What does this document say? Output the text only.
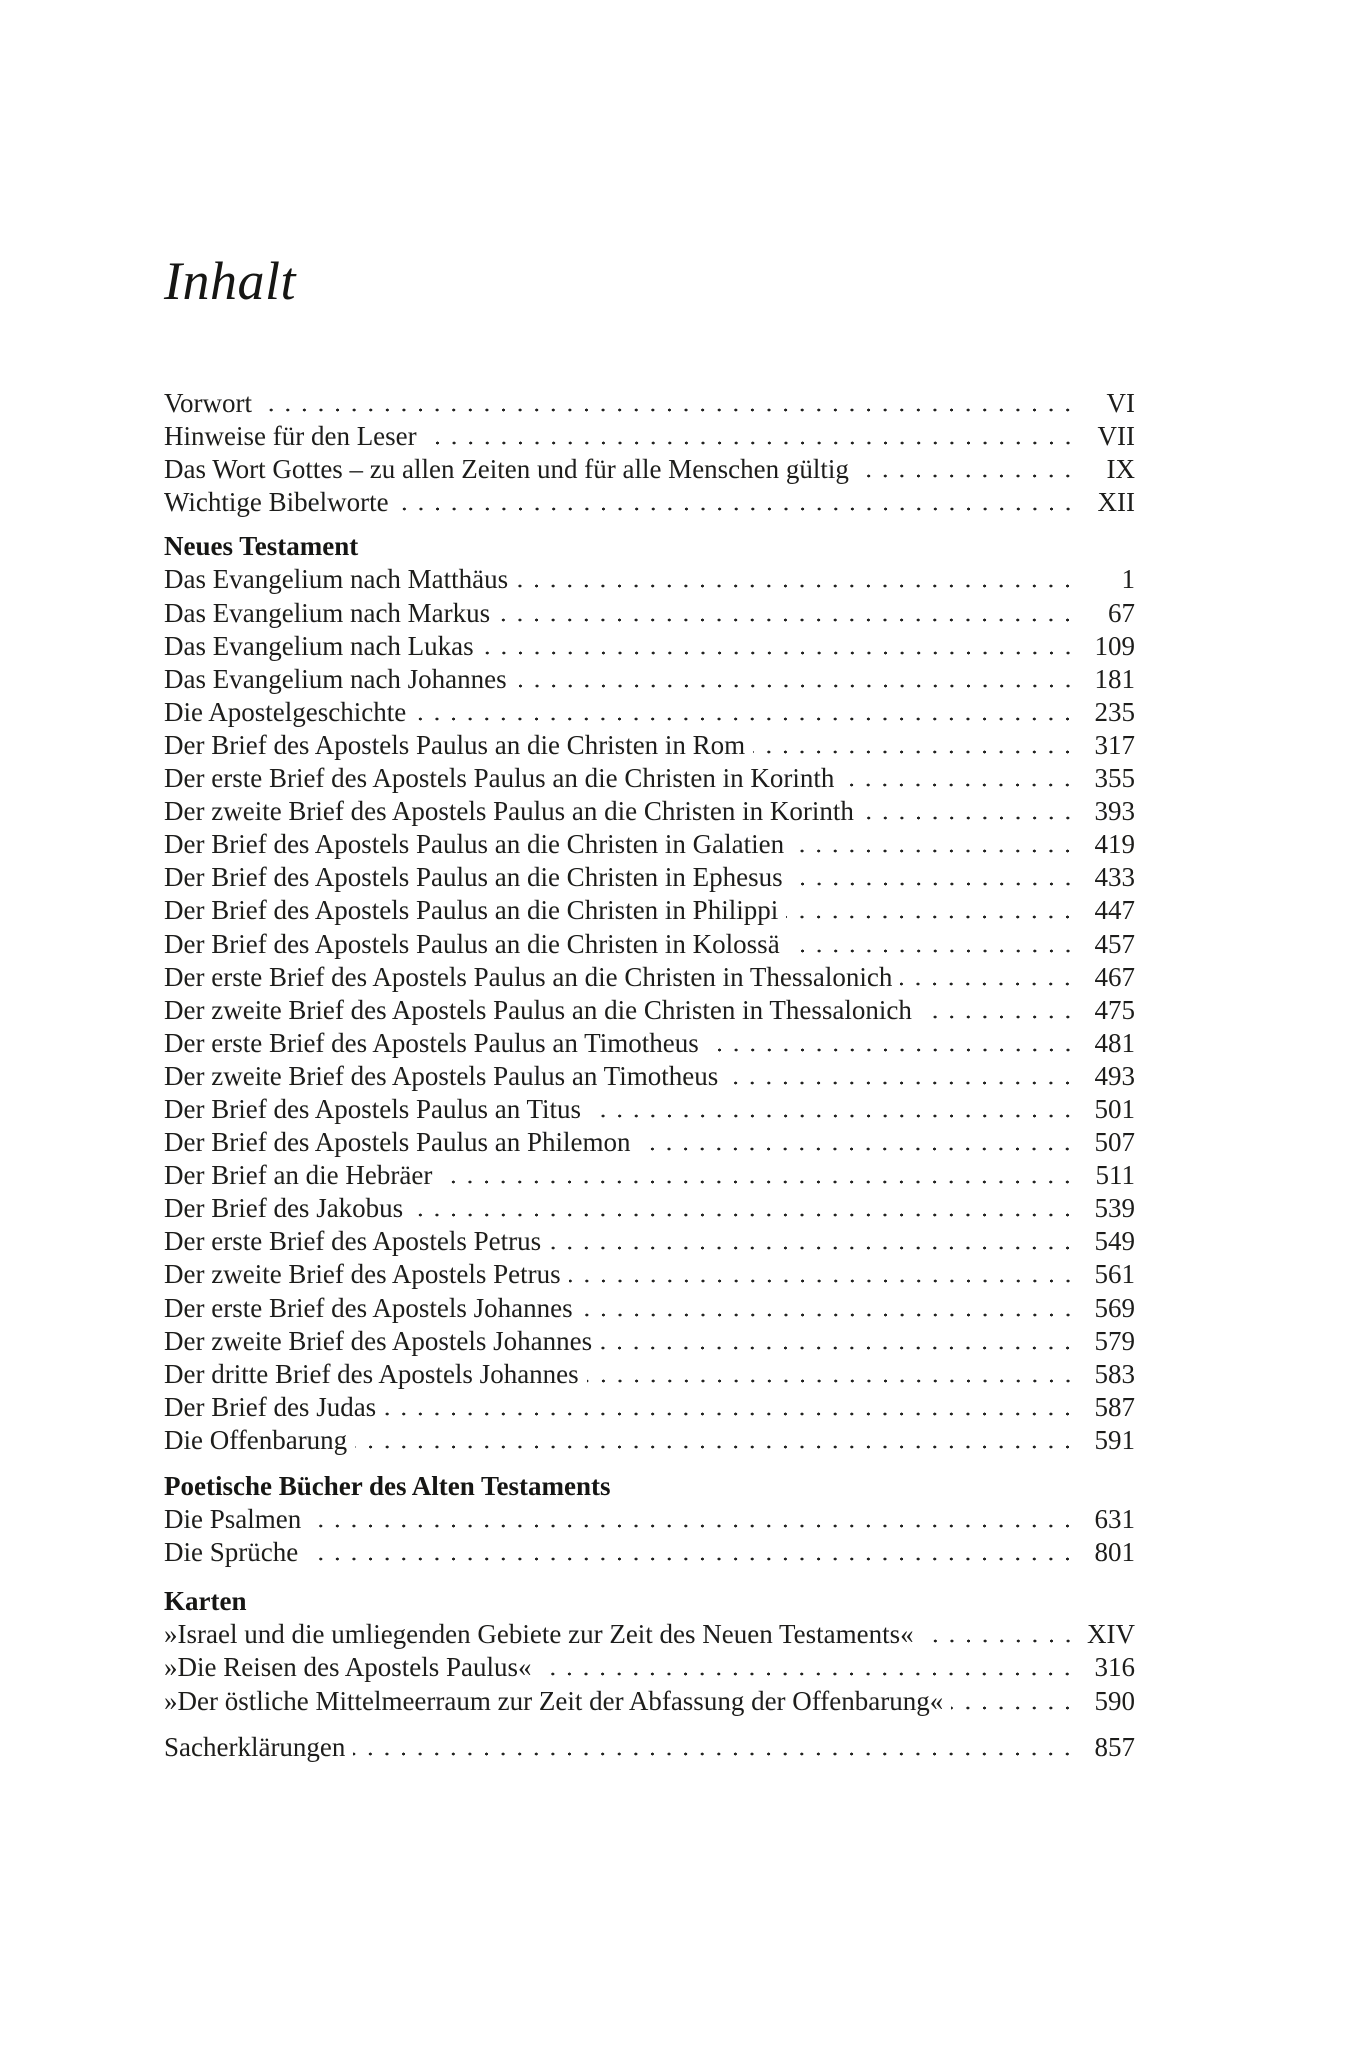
Inhalt
Vorwort	VI
Hinweise für den Leser	VII
Das Wort Gottes – zu allen Zeiten und für alle Menschen gültig	IX
Wichtige Bibelworte	XII
Neues Testament
Das Evangelium nach Matthäus	1
Das Evangelium nach Markus	67
Das Evangelium nach Lukas	109
Das Evangelium nach Johannes	181
Die Apostelgeschichte	235
Der Brief des Apostels Paulus an die Christen in Rom	317
Der erste Brief des Apostels Paulus an die Christen in Korinth	355
Der zweite Brief des Apostels Paulus an die Christen in Korinth	393
Der Brief des Apostels Paulus an die Christen in Galatien	419
Der Brief des Apostels Paulus an die Christen in Ephesus	433
Der Brief des Apostels Paulus an die Christen in Philippi	447
Der Brief des Apostels Paulus an die Christen in Kolossä	457
Der erste Brief des Apostels Paulus an die Christen in Thessalonich	467
Der zweite Brief des Apostels Paulus an die Christen in Thessalonich	475
Der erste Brief des Apostels Paulus an Timotheus	481
Der zweite Brief des Apostels Paulus an Timotheus	493
Der Brief des Apostels Paulus an Titus	501
Der Brief des Apostels Paulus an Philemon	507
Der Brief an die Hebräer	511
Der Brief des Jakobus	539
Der erste Brief des Apostels Petrus	549
Der zweite Brief des Apostels Petrus	561
Der erste Brief des Apostels Johannes	569
Der zweite Brief des Apostels Johannes	579
Der dritte Brief des Apostels Johannes	583
Der Brief des Judas	587
Die Offenbarung	591
Poetische Bücher des Alten Testaments
Die Psalmen	631
Die Sprüche	801
Karten
»Israel und die umliegenden Gebiete zur Zeit des Neuen Testaments«	XIV
»Die Reisen des Apostels Paulus«	316
»Der östliche Mittelmeerraum zur Zeit der Abfassung der Offenbarung«	590
Sacherklärungen	857
